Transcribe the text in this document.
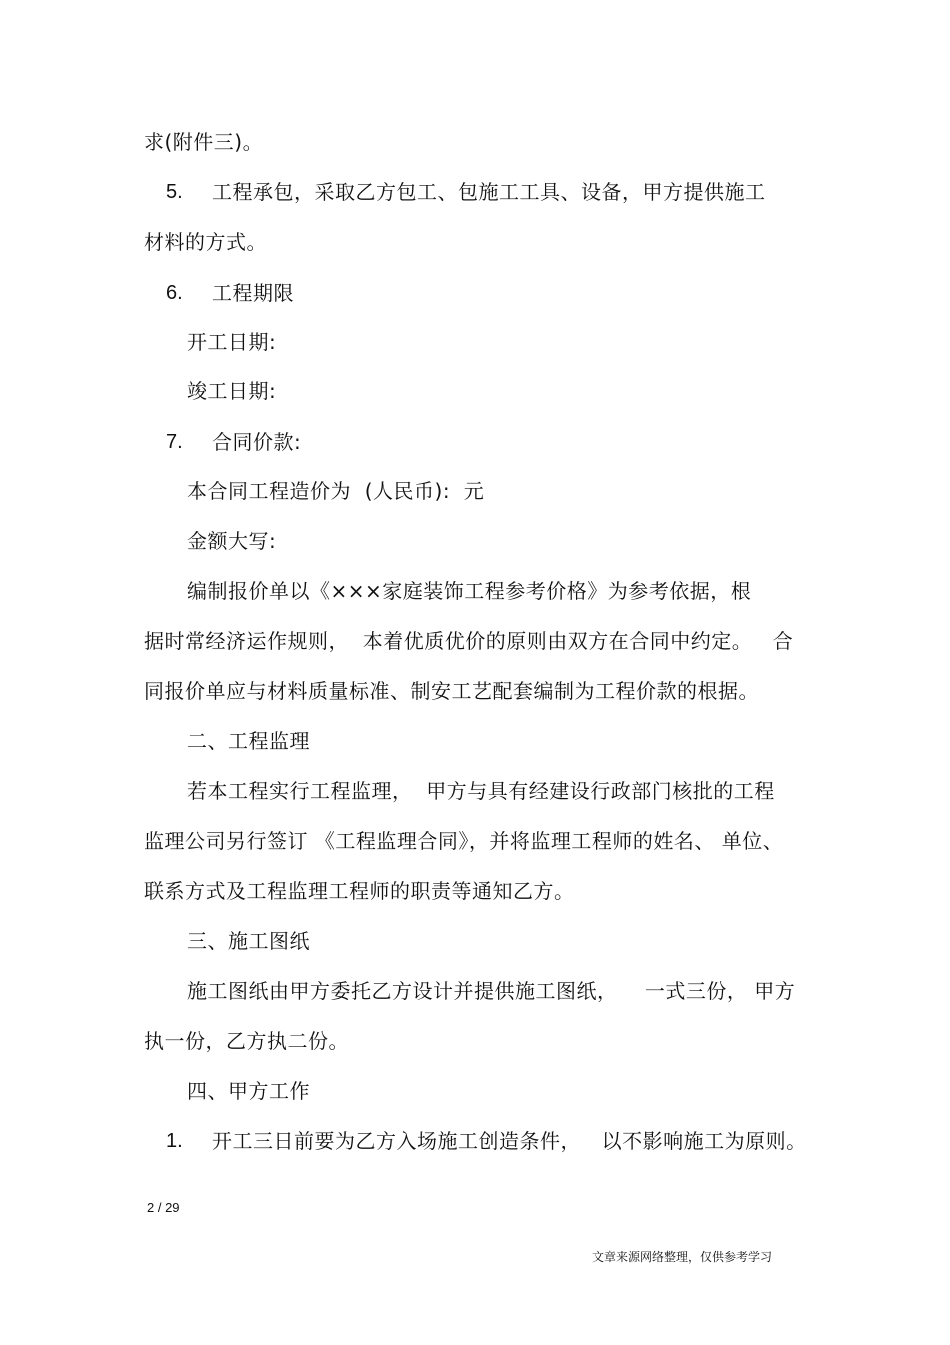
求(附件三)。
5. 工程承包，采取乙方包工、包施工工具、设备，甲方提供施工
材料的方式。
6. 工程期限
开工日期:
竣工日期:
7. 合同价款:
本合同工程造价为  (人民币):  元
金额大写:
编制报价单以《×××家庭装饰工程参考价格》为参考依据，根
据时常经济运作规则，  本着优质优价的原则由双方在合同中约定。   合
同报价单应与材料质量标准、制安工艺配套编制为工程价款的根据。
二、工程监理
若本工程实行工程监理，  甲方与具有经建设行政部门核批的工程
监理公司另行签订 《工程监理合同》，并将监理工程师的姓名、 单位、
联系方式及工程监理工程师的职责等通知乙方。
三、施工图纸
施工图纸由甲方委托乙方设计并提供施工图纸，    一式三份， 甲方
执一份，乙方执二份。
四、甲方工作
1. 开工三日前要为乙方入场施工创造条件，   以不影响施工为原则。
2 / 29
文章来源网络整理，仅供参考学习
